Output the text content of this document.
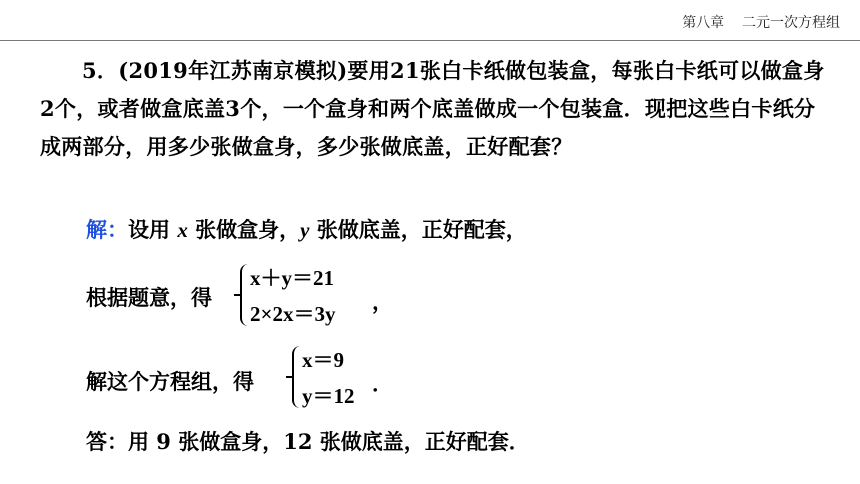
第八章 二元一次方程组
5．(2019年江苏南京模拟)要用21张白卡纸做包装盒，每张白卡纸可以做盒身2个，或者做盒底盖3个，一个盒身和两个底盖做成一个包装盒．现把这些白卡纸分成两部分，用多少张做盒身，多少张做底盖，正好配套？
解：设用 x 张做盒身，y 张做底盖，正好配套，
根据题意，得
x＋y＝21
2×2x＝3y ，
解这个方程组，得
x＝9
y＝12 ．
答：用 9 张做盒身，12 张做底盖，正好配套．
